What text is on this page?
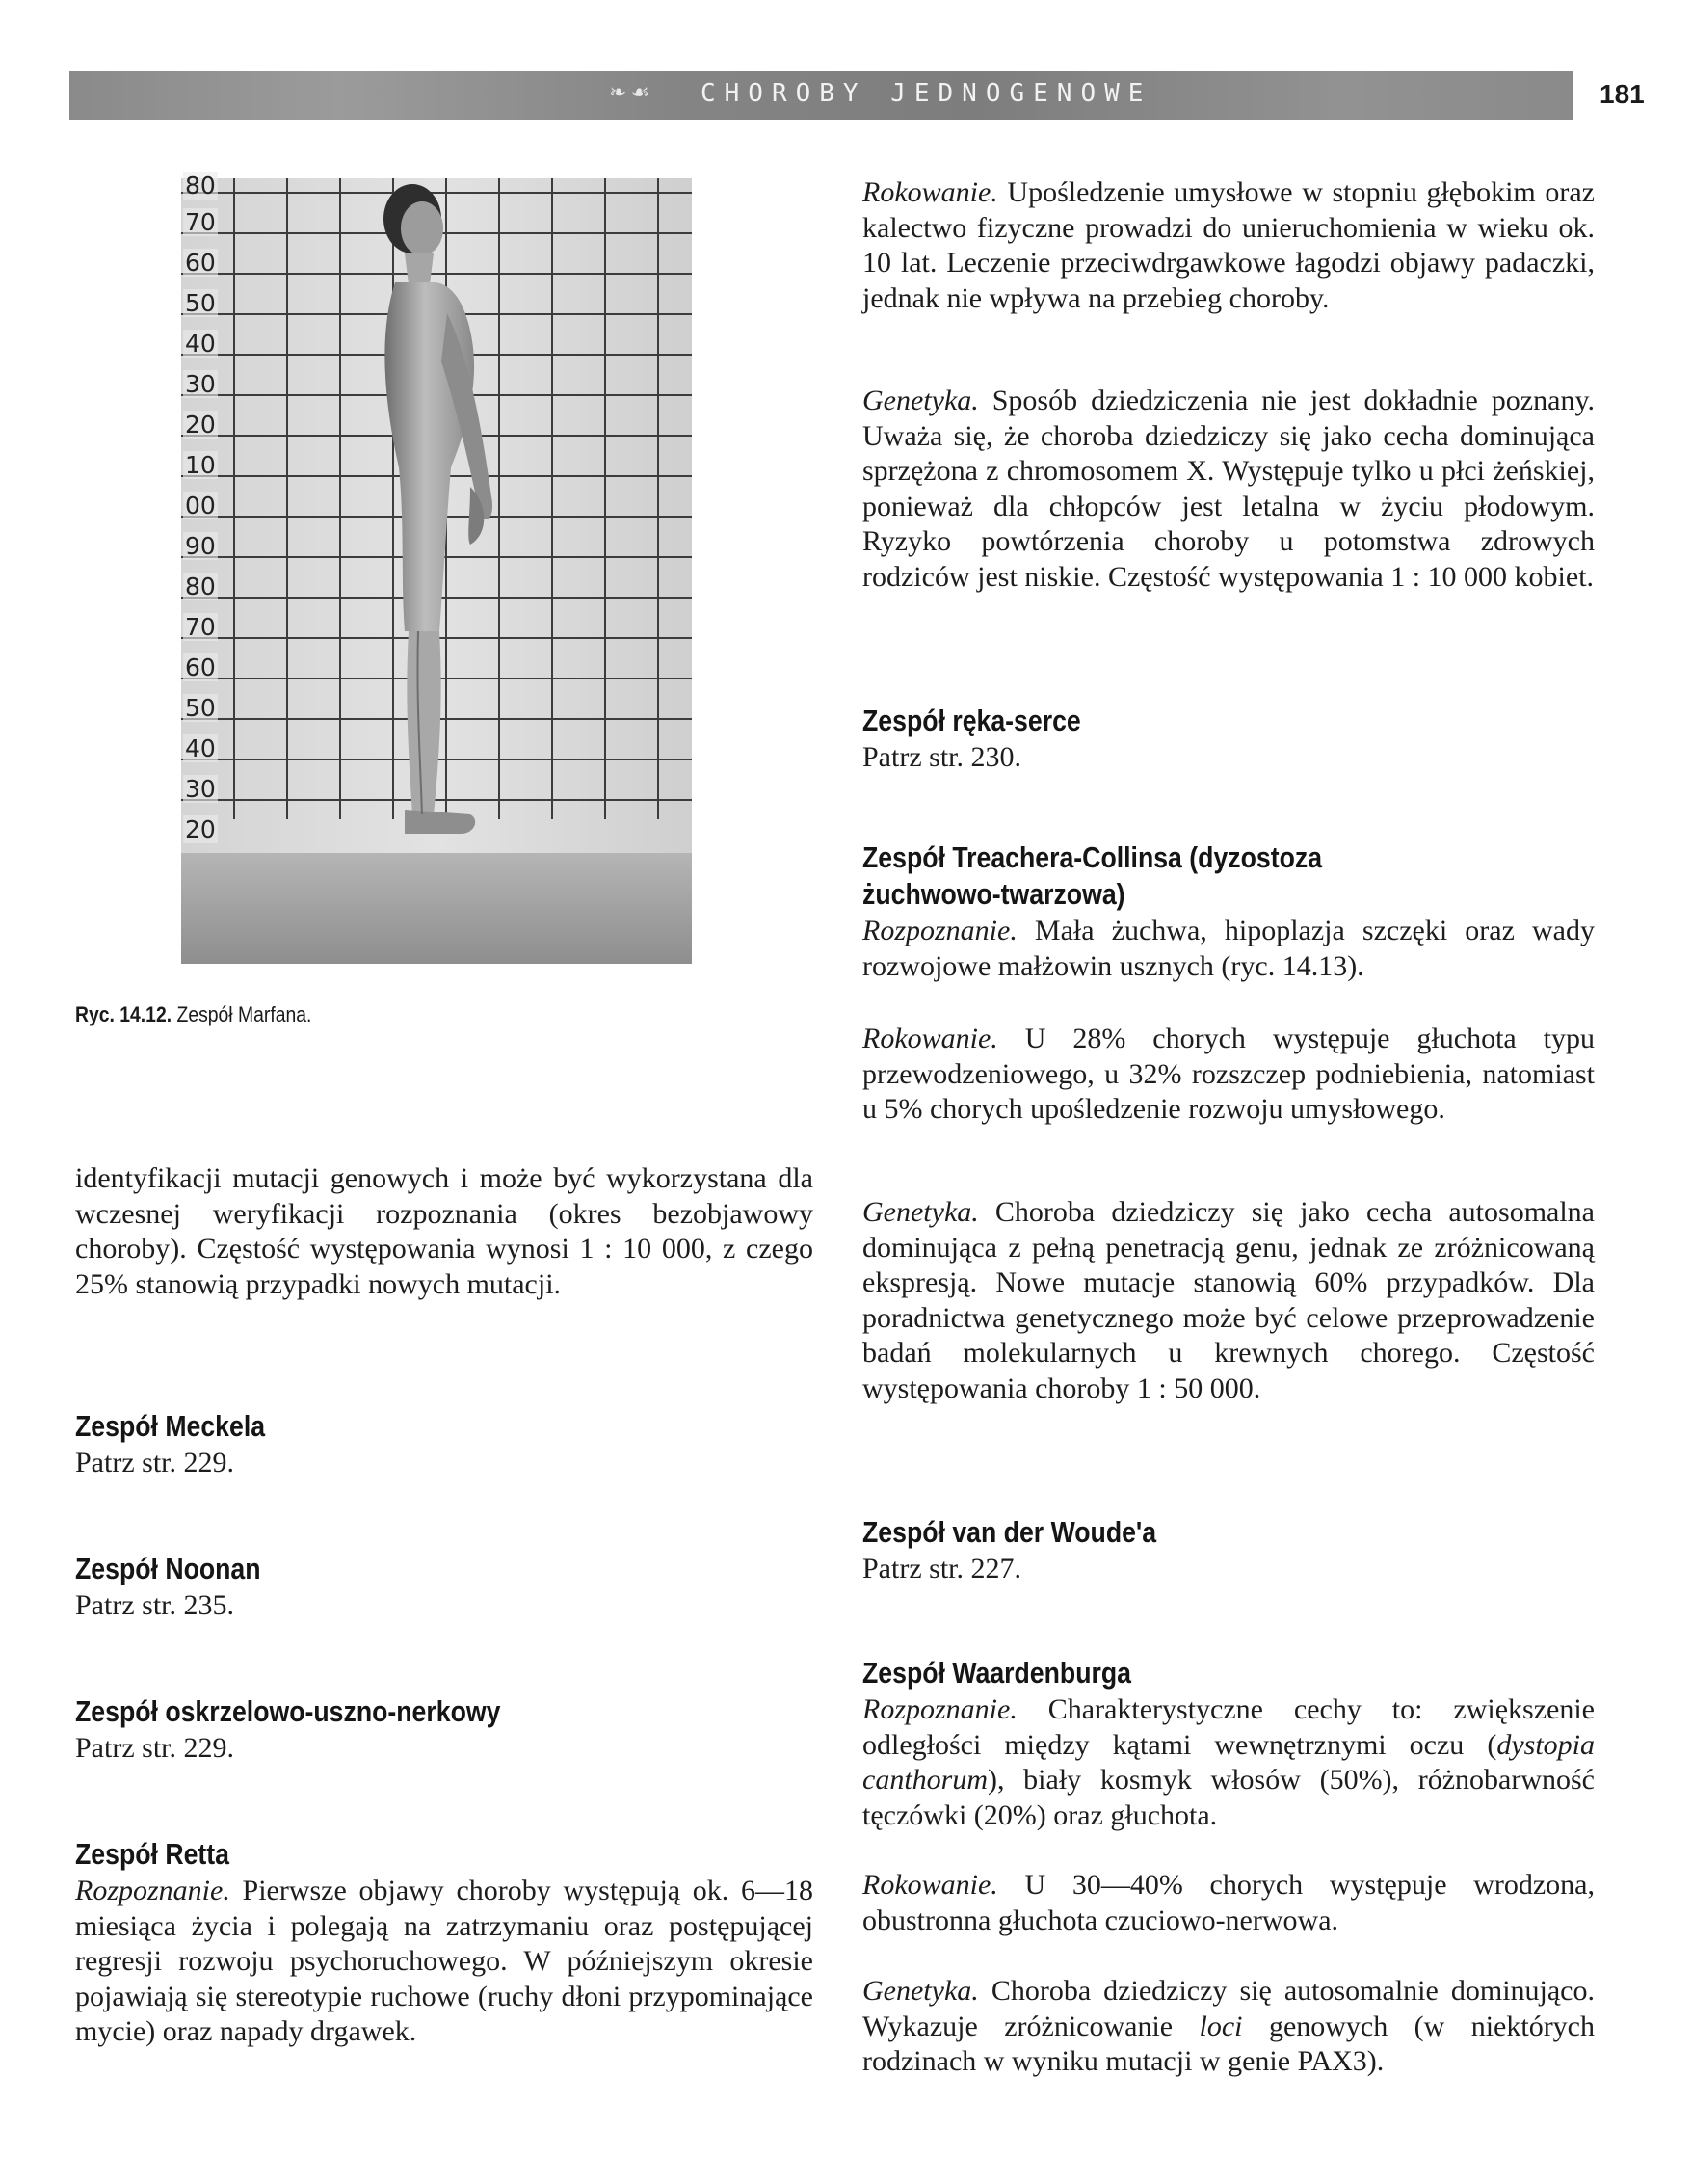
❧☙ CHOROBY JEDNOGENOWE	181
80
70
60
50
40
30
20
10
00
90
80
70
60
50
40
30
20
Ryc. 14.12. Zespół Marfana.

identyfikacji mutacji genowych i może być wykorzystana dla wczesnej weryfikacji rozpoznania (okres bezobjawowy choroby). Częstość występowania wynosi 1 : 10 000, z czego 25% stanowią przypadki nowych mutacji.

Zespół Meckela
Patrz str. 229.
Zespół Noonan
Patrz str. 235.
Zespół oskrzelowo-uszno-nerkowy
Patrz str. 229.
Zespół Retta

Rozpoznanie. Pierwsze objawy choroby występują ok. 6—18 miesiąca życia i polegają na zatrzymaniu oraz postępującej regresji rozwoju psychoruchowego. W późniejszym okresie pojawiają się stereotypie ruchowe (ruchy dłoni przypominające mycie) oraz napady drgawek.

Rokowanie. Upośledzenie umysłowe w stopniu głębokim oraz kalectwo fizyczne prowadzi do unieruchomienia w wieku ok. 10 lat. Leczenie przeciwdrgawkowe łagodzi objawy padaczki, jednak nie wpływa na przebieg choroby.

Genetyka. Sposób dziedziczenia nie jest dokładnie poznany. Uważa się, że choroba dziedziczy się jako cecha dominująca sprzężona z chromosomem X. Występuje tylko u płci żeńskiej, ponieważ dla chłopców jest letalna w życiu płodowym. Ryzyko powtórzenia choroby u potomstwa zdrowych rodziców jest niskie. Częstość występowania 1 : 10 000 kobiet.

Zespół ręka-serce
Patrz str. 230.
Zespół Treachera-Collinsa (dyzostoza
żuchwowo-twarzowa)

Rozpoznanie. Mała żuchwa, hipoplazja szczęki oraz wady rozwojowe małżowin usznych (ryc. 14.13).

Rokowanie. U 28% chorych występuje głuchota typu przewodzeniowego, u 32% rozszczep podniebienia, natomiast u 5% chorych upośledzenie rozwoju umysłowego.

Genetyka. Choroba dziedziczy się jako cecha autosomalna dominująca z pełną penetracją genu, jednak ze zróżnicowaną ekspresją. Nowe mutacje stanowią 60% przypadków. Dla poradnictwa genetycznego może być celowe przeprowadzenie badań molekularnych u krewnych chorego. Częstość występowania choroby 1 : 50 000.

Zespół van der Woude'a
Patrz str. 227.
Zespół Waardenburga

Rozpoznanie. Charakterystyczne cechy to: zwiększenie odległości między kątami wewnętrznymi oczu (dystopia canthorum), biały kosmyk włosów (50%), różnobarwność tęczówki (20%) oraz głuchota.

Rokowanie. U 30—40% chorych występuje wrodzona, obustronna głuchota czuciowo-nerwowa.

Genetyka. Choroba dziedziczy się autosomalnie dominująco. Wykazuje zróżnicowanie loci genowych (w niektórych rodzinach w wyniku mutacji w genie PAX3).
